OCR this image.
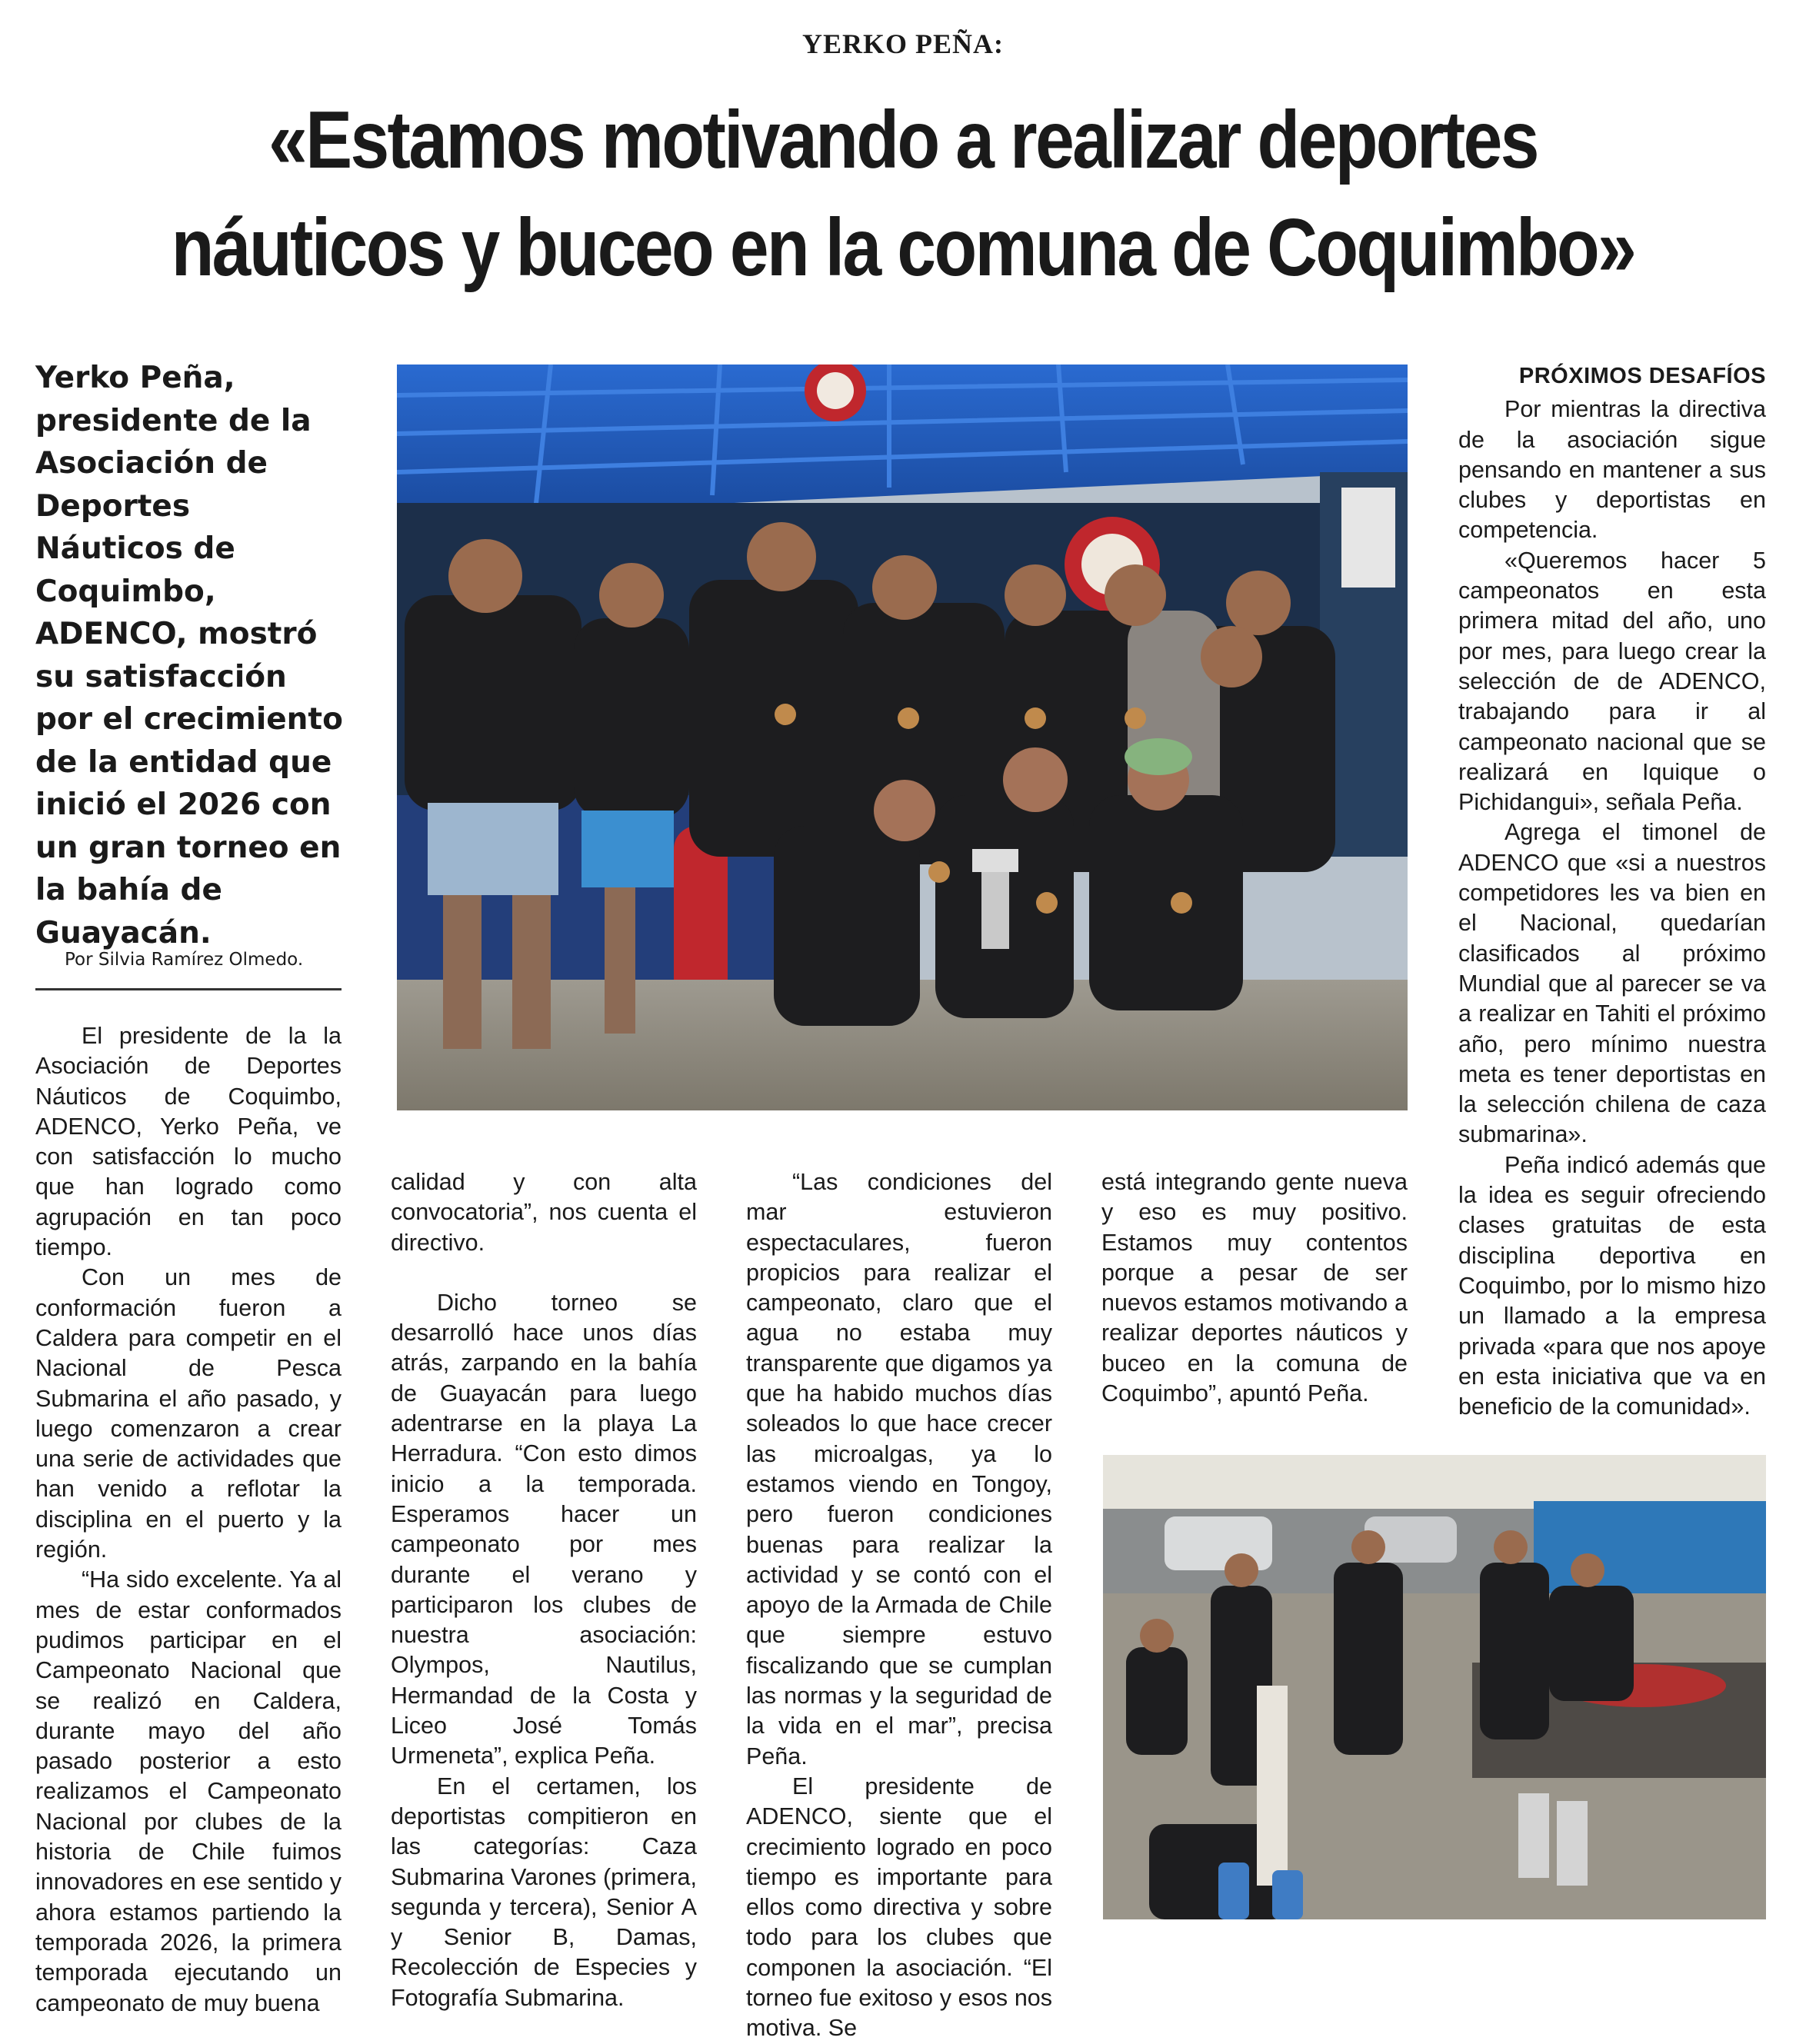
YERKO PEÑA:
«Estamos motivando a realizar deportes
náuticos y buceo en la comuna de Coquimbo»
Yerko Peña, presidente de la Asociación de Deportes Náuticos de Coquimbo, ADENCO, mostró su satisfacción por el crecimiento de la entidad que inició el 2026 con un gran torneo en la bahía de Guayacán.
Por Silvia Ramírez Olmedo.

El presidente de la la Asociación de Deportes Náuticos de Coquimbo, ADENCO, Yerko Peña, ve con satisfacción lo mucho que han logrado como agrupación en tan poco tiempo.

Con un mes de conformación fueron a Caldera para competir en el Nacional de Pesca Submarina el año pasado, y luego comenzaron a crear una serie de actividades que han venido a reflotar la disciplina en el puerto y la región.

“Ha sido excelente. Ya al mes de estar conformados pudimos participar en el Campeonato Nacional que se realizó en Caldera, durante mayo del año pasado posterior a esto realizamos el Campeonato Nacional por clubes de la historia de Chile fuimos innovadores en ese sentido y ahora estamos partiendo la temporada 2026, la primera temporada ejecutando un campeonato de muy buena

calidad y con alta convocatoria”, nos cuenta el directivo.

Dicho torneo se desarrolló hace unos días atrás, zarpando en la bahía de Guayacán para luego adentrarse en la playa La Herradura. “Con esto dimos inicio a la temporada. Esperamos hacer un campeonato por mes durante el verano y participaron los clubes de nuestra asociación: Olympos, Nautilus, Hermandad de la Costa y Liceo José Tomás Urmeneta”, explica Peña.

En el certamen, los deportistas compitieron en las categorías: Caza Submarina Varones (primera, segunda y tercera), Senior A y Senior B, Damas, Recolección de Especies y Fotografía Submarina.

“Las condiciones del mar estuvieron espectaculares, fueron propicios para realizar el campeonato, claro que el agua no estaba muy transparente que digamos ya que ha habido muchos días soleados lo que hace crecer las microalgas, ya lo estamos viendo en Tongoy, pero fueron condiciones buenas para realizar la actividad y se contó con el apoyo de la Armada de Chile que siempre estuvo fiscalizando que se cumplan las normas y la seguridad de la vida en el mar”, precisa Peña.

El presidente de ADENCO, siente que el crecimiento logrado en poco tiempo es importante para ellos como directiva y sobre todo para los clubes que componen la asociación. “El torneo fue exitoso y esos nos motiva. Se

está integrando gente nueva y eso es muy positivo. Estamos muy contentos porque a pesar de ser nuevos estamos motivando a realizar deportes náuticos y buceo en la comuna de Coquimbo”, apuntó Peña.

PRÓXIMOS DESAFÍOS

Por mientras la directiva de la asociación sigue pensando en mantener a sus clubes y deportistas en competencia.

«Queremos hacer 5 campeonatos en esta primera mitad del año, uno por mes, para luego crear la selección de de ADENCO, trabajando para ir al campeonato nacional que se realizará en Iquique o Pichidangui», señala Peña.

Agrega el timonel de ADENCO que «si a nuestros competidores les va bien en el Nacional, quedarían clasificados al próximo Mundial que al parecer se va a realizar en Tahiti el próximo año, pero mínimo nuestra meta es tener deportistas en la selección chilena de caza submarina».

Peña indicó además que la idea es seguir ofreciendo clases gratuitas de esta disciplina deportiva en Coquimbo, por lo mismo hizo un llamado a la empresa privada «para que nos apoye en esta iniciativa que va en beneficio de la comunidad».
